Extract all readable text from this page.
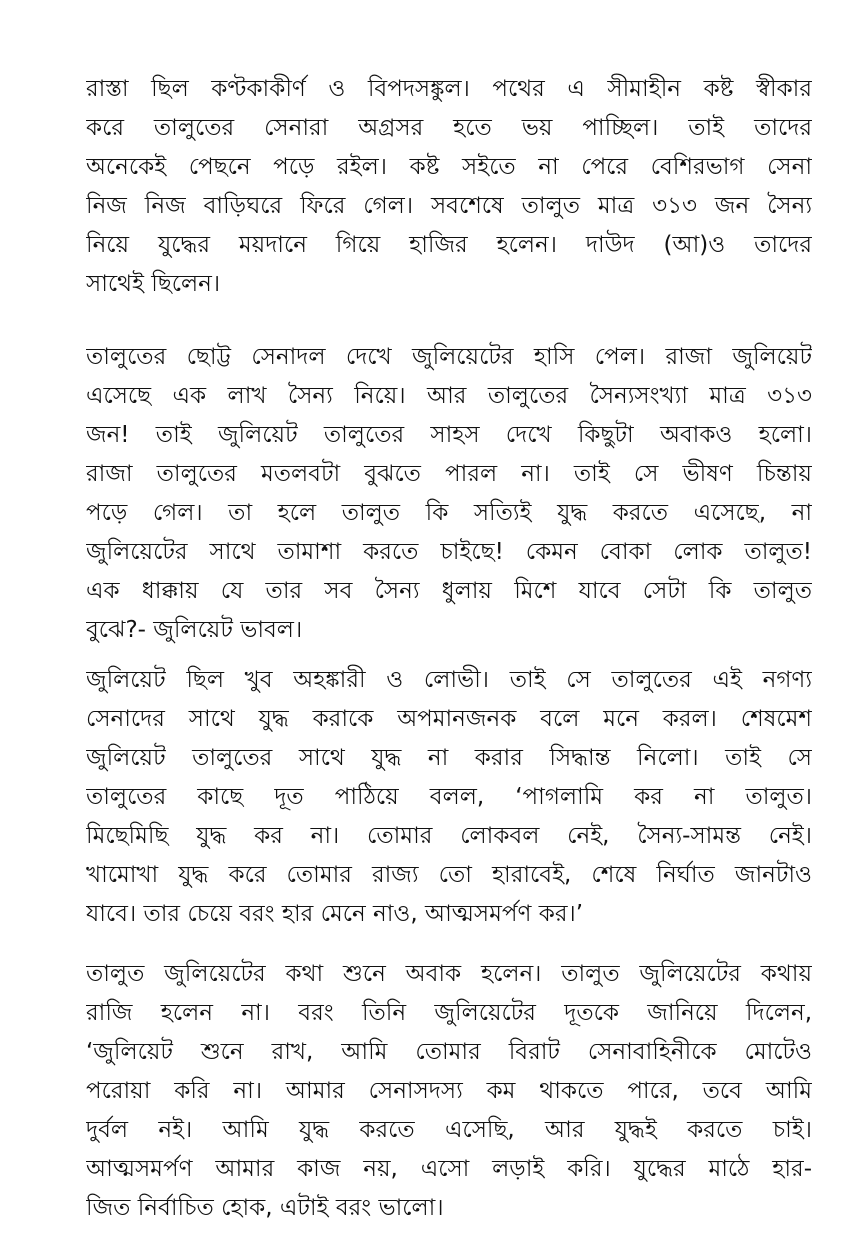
রাস্তা ছিল কণ্টকাকীর্ণ ও বিপদসঙ্কুল। পথের এ সীমাহীন কষ্ট স্বীকার
করে তালুতের সেনারা অগ্রসর হতে ভয় পাচ্ছিল। তাই তাদের
অনেকেই পেছনে পড়ে রইল। কষ্ট সইতে না পেরে বেশিরভাগ সেনা
নিজ নিজ বাড়িঘরে ফিরে গেল। সবশেষে তালুত মাত্র ৩১৩ জন সৈন্য
নিয়ে যুদ্ধের ময়দানে গিয়ে হাজির হলেন। দাউদ (আ)ও তাদের
সাথেই ছিলেন।
তালুতের ছোট্ট সেনাদল দেখে জুলিয়েটের হাসি পেল। রাজা জুলিয়েট
এসেছে এক লাখ সৈন্য নিয়ে। আর তালুতের সৈন্যসংখ্যা মাত্র ৩১৩
জন! তাই জুলিয়েট তালুতের সাহস দেখে কিছুটা অবাকও হলো।
রাজা তালুতের মতলবটা বুঝতে পারল না। তাই সে ভীষণ চিন্তায়
পড়ে গেল। তা হলে তালুত কি সত্যিই যুদ্ধ করতে এসেছে, না
জুলিয়েটের সাথে তামাশা করতে চাইছে! কেমন বোকা লোক তালুত!
এক ধাক্কায় যে তার সব সৈন্য ধুলায় মিশে যাবে সেটা কি তালুত
বুঝে?- জুলিয়েট ভাবল।
জুলিয়েট ছিল খুব অহঙ্কারী ও লোভী। তাই সে তালুতের এই নগণ্য
সেনাদের সাথে যুদ্ধ করাকে অপমানজনক বলে মনে করল। শেষমেশ
জুলিয়েট তালুতের সাথে যুদ্ধ না করার সিদ্ধান্ত নিলো। তাই সে
তালুতের কাছে দূত পাঠিয়ে বলল, ‘পাগলামি কর না তালুত।
মিছেমিছি যুদ্ধ কর না। তোমার লোকবল নেই, সৈন্য-সামন্ত নেই।
খামোখা যুদ্ধ করে তোমার রাজ্য তো হারাবেই, শেষে নির্ঘাত জানটাও
যাবে। তার চেয়ে বরং হার মেনে নাও, আত্মসমর্পণ কর।’
তালুত জুলিয়েটের কথা শুনে অবাক হলেন। তালুত জুলিয়েটের কথায়
রাজি হলেন না। বরং তিনি জুলিয়েটের দূতকে জানিয়ে দিলেন,
‘জুলিয়েট শুনে রাখ, আমি তোমার বিরাট সেনাবাহিনীকে মোটেও
পরোয়া করি না। আমার সেনাসদস্য কম থাকতে পারে, তবে আমি
দুর্বল নই। আমি যুদ্ধ করতে এসেছি, আর যুদ্ধই করতে চাই।
আত্মসমর্পণ আমার কাজ নয়, এসো লড়াই করি। যুদ্ধের মাঠে হার-
জিত নির্বাচিত হোক, এটাই বরং ভালো।
